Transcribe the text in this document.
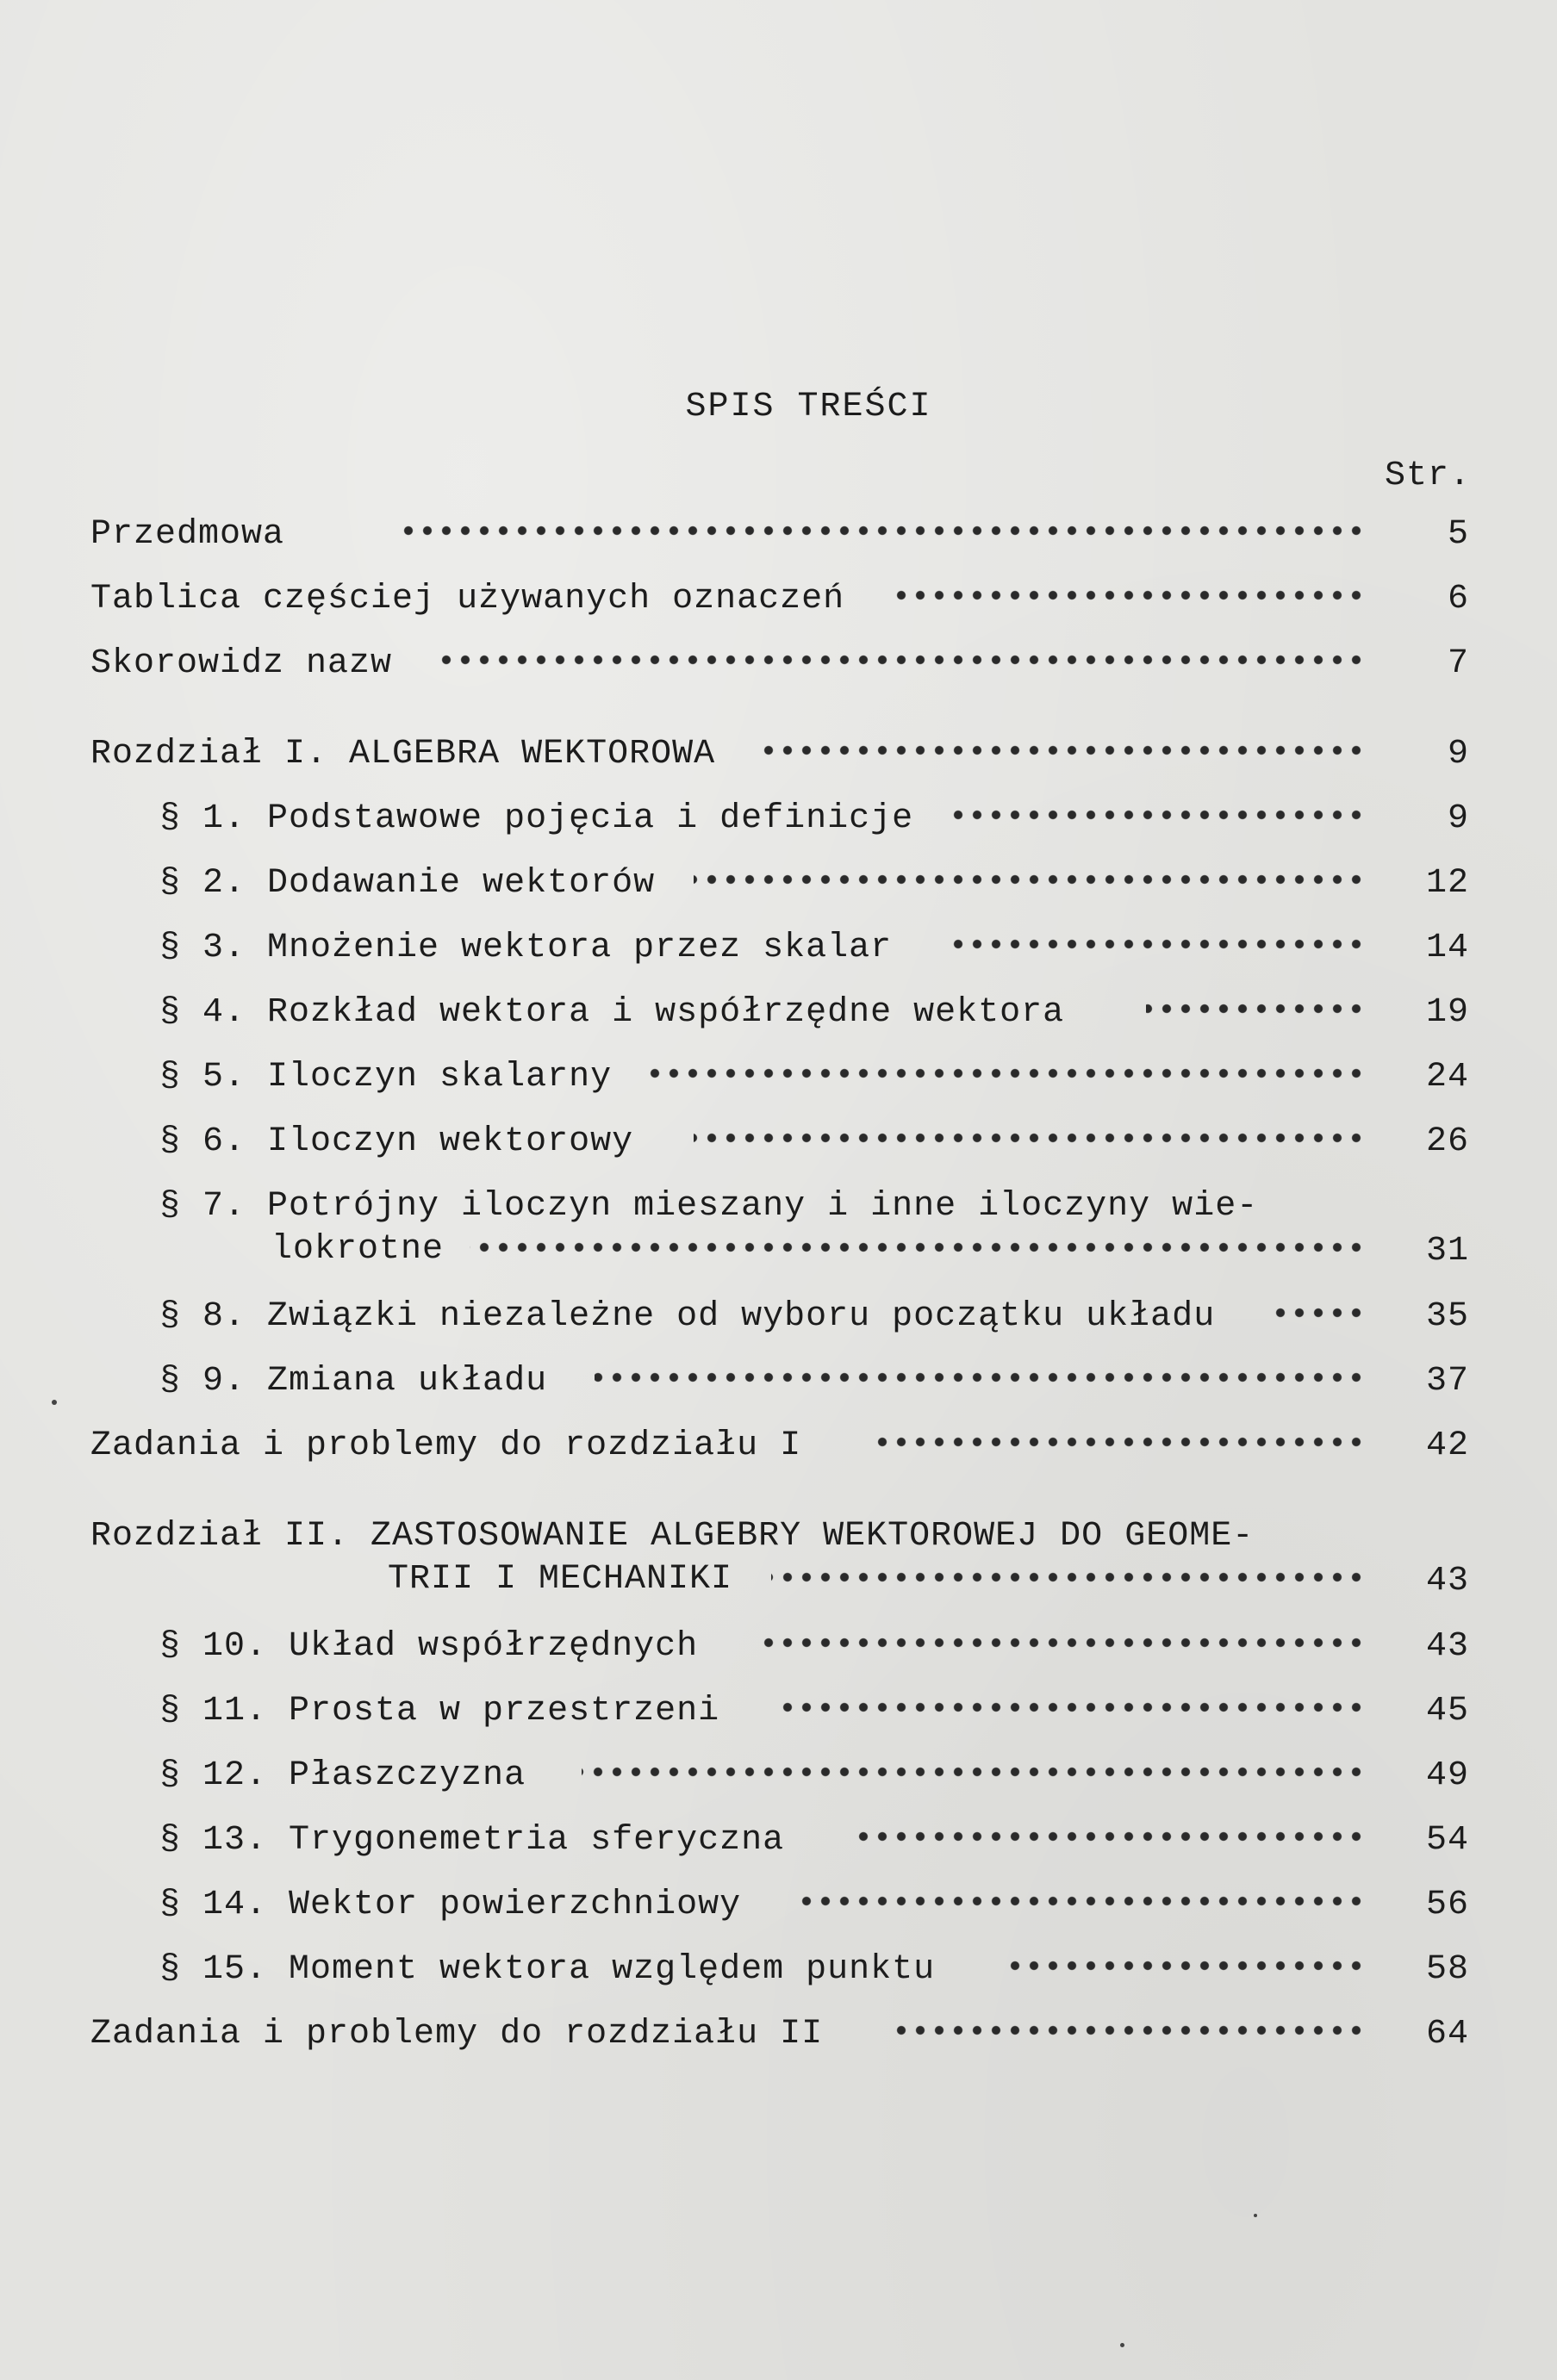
SPIS TREŚCI
Str.
Przedmowa	5
Tablica częściej używanych oznaczeń	6
Skorowidz nazw	7
Rozdział I. ALGEBRA WEKTOROWA	9
§ 1. Podstawowe pojęcia i definicje	9
§ 2. Dodawanie wektorów	12
§ 3. Mnożenie wektora przez skalar	14
§ 4. Rozkład wektora i współrzędne wektora	19
§ 5. Iloczyn skalarny	24
§ 6. Iloczyn wektorowy	26
§ 7. Potrójny iloczyn mieszany i inne iloczyny wie-
lokrotne	31
§ 8. Związki niezależne od wyboru początku układu	35
§ 9. Zmiana układu	37
Zadania i problemy do rozdziału I	42
Rozdział II. ZASTOSOWANIE ALGEBRY WEKTOROWEJ DO GEOME-
TRII I MECHANIKI	43
§ 10. Układ współrzędnych	43
§ 11. Prosta w przestrzeni	45
§ 12. Płaszczyzna	49
§ 13. Trygonemetria sferyczna	54
§ 14. Wektor powierzchniowy	56
§ 15. Moment wektora względem punktu	58
Zadania i problemy do rozdziału II	64
